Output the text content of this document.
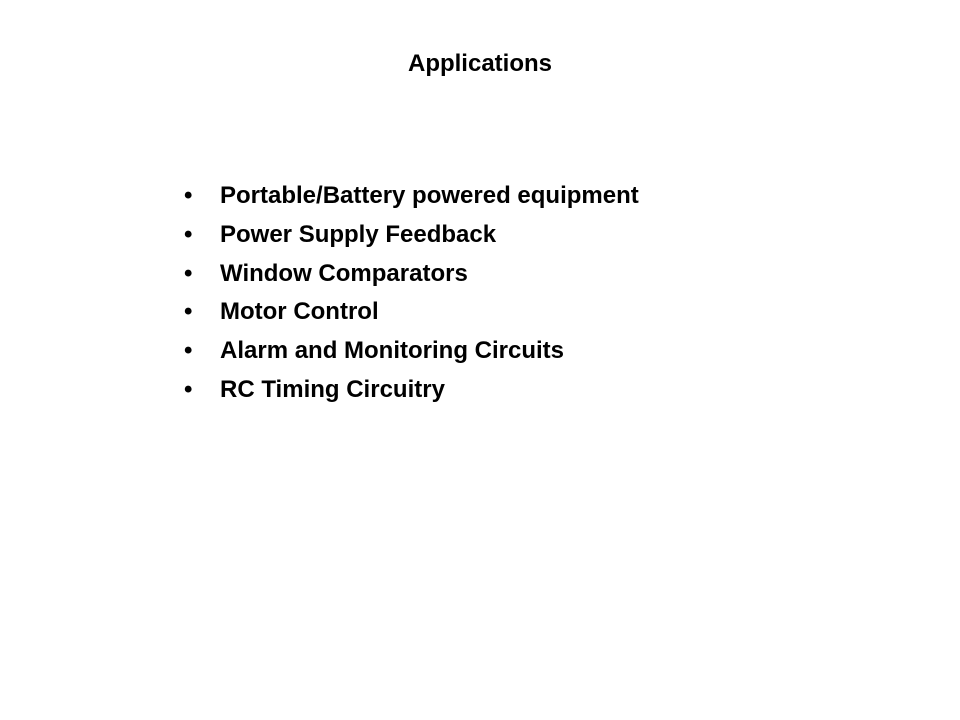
Applications
•	Portable/Battery powered equipment
•	Power Supply Feedback
•	Window Comparators
•	Motor Control
•	Alarm and Monitoring Circuits
•	RC Timing Circuitry
